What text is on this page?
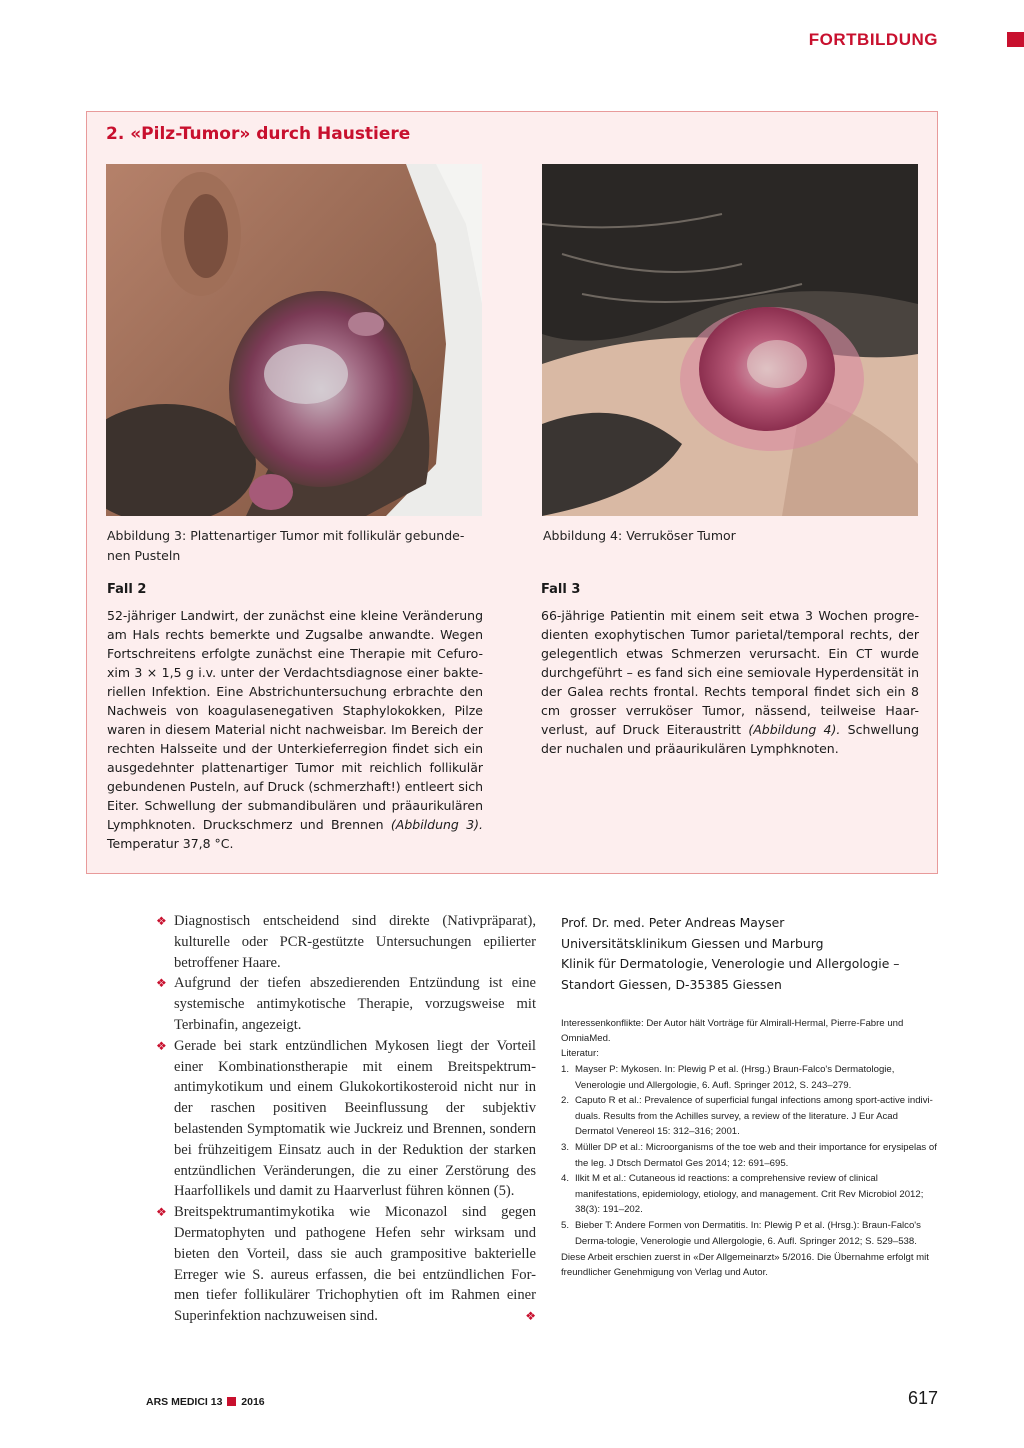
FORTBILDUNG
2. «Pilz-Tumor» durch Haustiere
Abbildung 3: Plattenartiger Tumor mit follikulär gebunde-nen Pusteln
Abbildung 4: Verruköser Tumor
Fall 2

52-jähriger Landwirt, der zunächst eine kleine Veränderung am Hals rechts bemerkte und Zugsalbe anwandte. Wegen Fortschreitens erfolgte zunächst eine Therapie mit Cefuro-xim 3 × 1,5 g i.v. unter der Verdachtsdiagnose einer bakte-riellen Infektion. Eine Abstrichuntersuchung erbrachte den Nachweis von koagulasenegativen Staphylokokken, Pilze waren in diesem Material nicht nachweisbar. Im Bereich der rechten Halsseite und der Unterkieferregion findet sich ein ausgedehnter plattenartiger Tumor mit reichlich follikulär gebundenen Pusteln, auf Druck (schmerzhaft!) entleert sich Eiter. Schwellung der submandibulären und präaurikulären Lymphknoten. Druckschmerz und Brennen (Abbildung 3). Temperatur 37,8 °C.

Fall 3

66-jährige Patientin mit einem seit etwa 3 Wochen progre-dienten exophytischen Tumor parietal/temporal rechts, der gelegentlich etwas Schmerzen verursacht. Ein CT wurde durchgeführt – es fand sich eine semiovale Hyperdensität in der Galea rechts frontal. Rechts temporal findet sich ein 8 cm grosser verruköser Tumor, nässend, teilweise Haar-verlust, auf Druck Eiteraustritt (Abbildung 4). Schwellung der nuchalen und präaurikulären Lymphknoten.

❖ Diagnostisch entscheidend sind direkte (Nativpräparat), kulturelle oder PCR-gestützte Untersuchungen epilierter betroffener Haare.
❖ Aufgrund der tiefen abszedierenden Entzündung ist eine systemische antimykotische Therapie, vorzugsweise mit Terbinafin, angezeigt.
❖ Gerade bei stark entzündlichen Mykosen liegt der Vorteil einer Kombinationstherapie mit einem Breitspektrum-antimykotikum und einem Glukokortikosteroid nicht nur in der raschen positiven Beeinflussung der subjektiv belastenden Symptomatik wie Juckreiz und Brennen, sondern bei frühzeitigem Einsatz auch in der Reduktion der starken entzündlichen Veränderungen, die zu einer Zerstörung des Haarfollikels und damit zu Haarverlust führen können (5).
❖ Breitspektrumantimykotika wie Miconazol sind gegen Dermatophyten und pathogene Hefen sehr wirksam und bieten den Vorteil, dass sie auch grampositive bakterielle Erreger wie S. aureus erfassen, die bei entzündlichen For-men tiefer follikulärer Trichophytien oft im Rahmen einer Superinfektion nachzuweisen sind.	❖
Prof. Dr. med. Peter Andreas Mayser
Universitätsklinikum Giessen und Marburg
Klinik für Dermatologie, Venerologie und Allergologie –
Standort Giessen, D-35385 Giessen
Interessenkonflikte: Der Autor hält Vorträge für Almirall-Hermal, Pierre-Fabre und OmniaMed.
Literatur:
1. Mayser P: Mykosen. In: Plewig P et al. (Hrsg.) Braun-Falco's Dermatologie, Venerologie und Allergologie, 6. Aufl. Springer 2012, S. 243–279.
2. Caputo R et al.: Prevalence of superficial fungal infections among sport-active indivi-duals. Results from the Achilles survey, a review of the literature. J Eur Acad Dermatol Venereol 15: 312–316; 2001.
3. Müller DP et al.: Microorganisms of the toe web and their importance for erysipelas of the leg. J Dtsch Dermatol Ges 2014; 12: 691–695.
4. Ilkit M et al.: Cutaneous id reactions: a comprehensive review of clinical manifestations, epidemiology, etiology, and management. Crit Rev Microbiol 2012; 38(3): 191–202.
5. Bieber T: Andere Formen von Dermatitis. In: Plewig P et al. (Hrsg.): Braun-Falco's Derma-tologie, Venerologie und Allergologie, 6. Aufl. Springer 2012; S. 529–538.
Diese Arbeit erschien zuerst in «Der Allgemeinarzt» 5/2016. Die Übernahme erfolgt mit freundlicher Genehmigung von Verlag und Autor.
ARS MEDICI 13 2016	617
